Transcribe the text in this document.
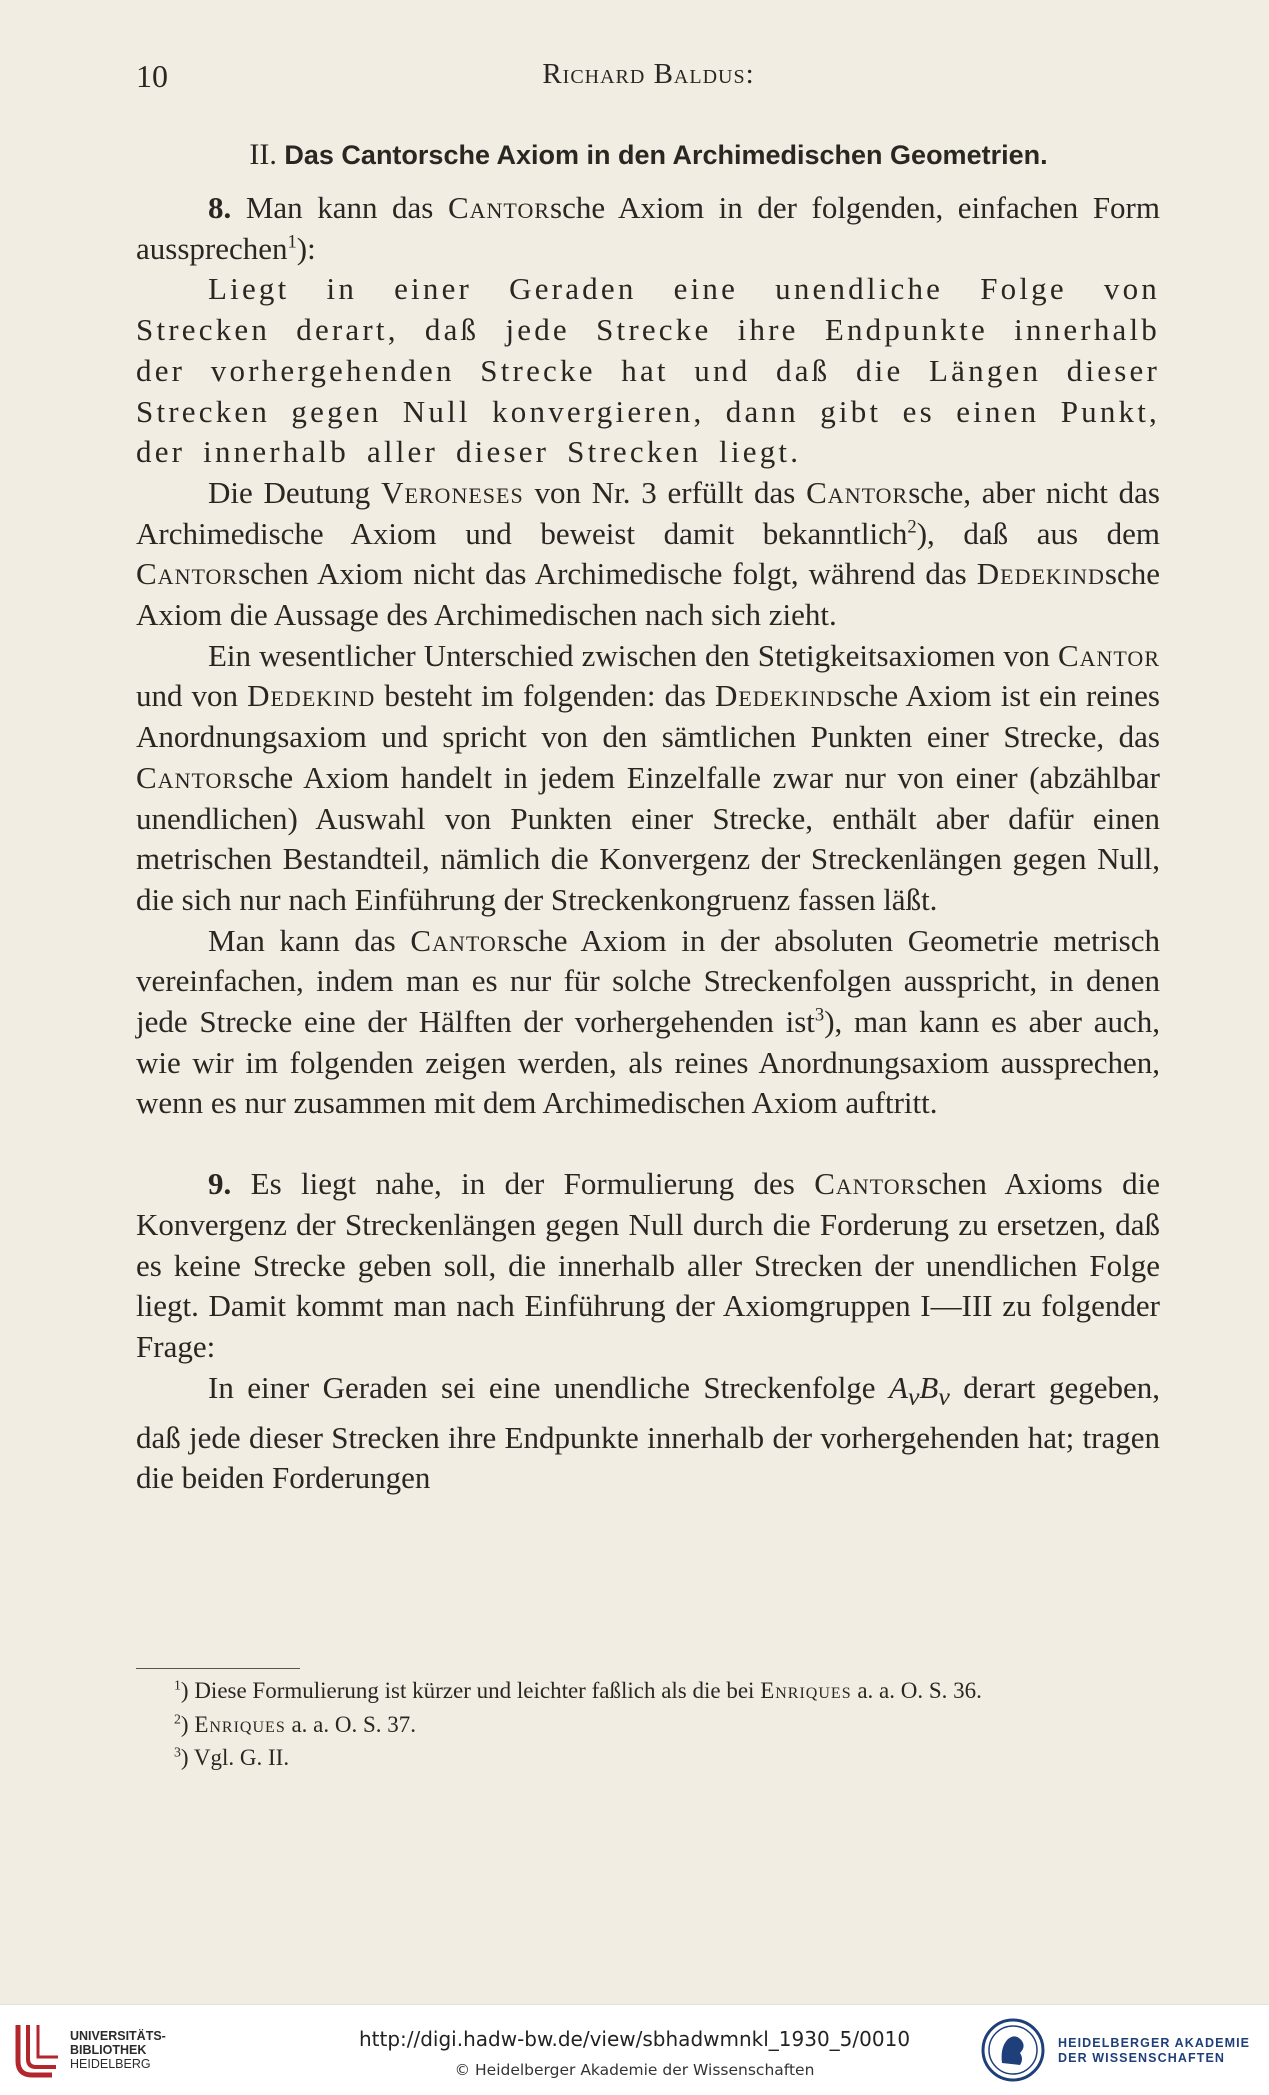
10	Richard Baldus:
II. Das Cantorsche Axiom in den Archimedischen Geometrien.

8. Man kann das Cantorsche Axiom in der folgenden, einfachen Form aussprechen$^1$):

Liegt in einer Geraden eine unendliche Folge von Strecken derart, daß jede Strecke ihre Endpunkte innerhalb der vorhergehenden Strecke hat und daß die Längen dieser Strecken gegen Null konvergieren, dann gibt es einen Punkt, der innerhalb aller dieser Strecken liegt.

Die Deutung Veroneses von Nr. 3 erfüllt das Cantorsche, aber nicht das Archimedische Axiom und beweist damit bekanntlich$^2$), daß aus dem Cantorschen Axiom nicht das Archimedische folgt, während das Dedekindsche Axiom die Aussage des Archimedischen nach sich zieht.

Ein wesentlicher Unterschied zwischen den Stetigkeitsaxiomen von Cantor und von Dedekind besteht im folgenden: das Dedekindsche Axiom ist ein reines Anordnungsaxiom und spricht von den sämtlichen Punkten einer Strecke, das Cantorsche Axiom handelt in jedem Einzelfalle zwar nur von einer (abzählbar unendlichen) Auswahl von Punkten einer Strecke, enthält aber dafür einen metrischen Bestandteil, nämlich die Konvergenz der Streckenlängen gegen Null, die sich nur nach Einführung der Streckenkongruenz fassen läßt.

Man kann das Cantorsche Axiom in der absoluten Geometrie metrisch vereinfachen, indem man es nur für solche Streckenfolgen ausspricht, in denen jede Strecke eine der Hälften der vorhergehenden ist$^3$), man kann es aber auch, wie wir im folgenden zeigen werden, als reines Anordnungsaxiom aussprechen, wenn es nur zusammen mit dem Archimedischen Axiom auftritt.

9. Es liegt nahe, in der Formulierung des Cantorschen Axioms die Konvergenz der Streckenlängen gegen Null durch die Forderung zu ersetzen, daß es keine Strecke geben soll, die innerhalb aller Strecken der unendlichen Folge liegt. Damit kommt man nach Einführung der Axiomgruppen I—III zu folgender Frage:

In einer Geraden sei eine unendliche Streckenfolge $A_\nu B_\nu$ derart gegeben, daß jede dieser Strecken ihre Endpunkte innerhalb der vorhergehenden hat; tragen die beiden Forderungen

$^1$) Diese Formulierung ist kürzer und leichter faßlich als die bei Enriques a. a. O. S. 36.

$^2$) Enriques a. a. O. S. 37.

$^3$) Vgl. G. II.

UNIVERSITÄTS-
BIBLIOTHEK
HEIDELBERG
http://digi.hadw-bw.de/view/sbhadwmnkl_1930_5/0010
© Heidelberger Akademie der Wissenschaften
HEIDELBERGER AKADEMIE
DER WISSENSCHAFTEN
